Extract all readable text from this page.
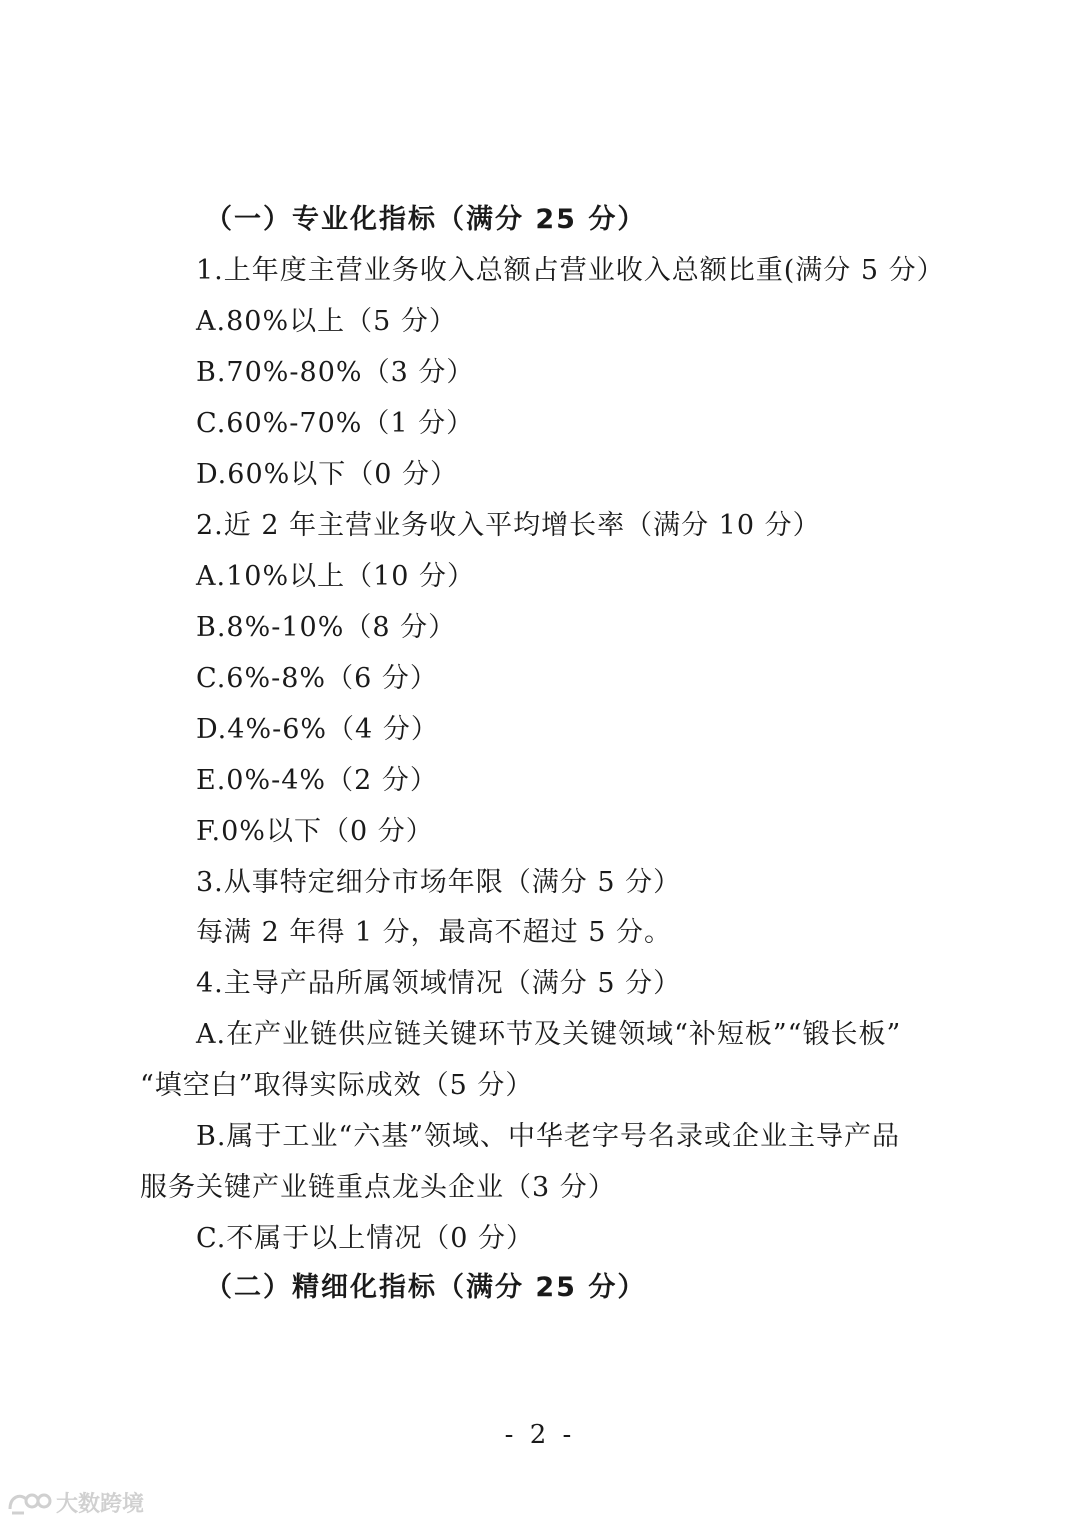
（一）专业化指标（满分 25 分）
1.上年度主营业务收入总额占营业收入总额比重(满分 5 分）
A.80%以上（5 分）
B.70%-80%（3 分）
C.60%-70%（1 分）
D.60%以下（0 分）
2.近 2 年主营业务收入平均增长率（满分 10 分）
A.10%以上（10 分）
B.8%-10%（8 分）
C.6%-8%（6 分）
D.4%-6%（4 分）
E.0%-4%（2 分）
F.0%以下（0 分）
3.从事特定细分市场年限（满分 5 分）
每满 2 年得 1 分，最高不超过 5 分。
4.主导产品所属领域情况（满分 5 分）
A.在产业链供应链关键环节及关键领域“补短板”“锻长板”
“填空白”取得实际成效（5 分）
B.属于工业“六基”领域、中华老字号名录或企业主导产品
服务关键产业链重点龙头企业（3 分）
C.不属于以上情况（0 分）
（二）精细化指标（满分 25 分）
- 2 -
大数跨境
